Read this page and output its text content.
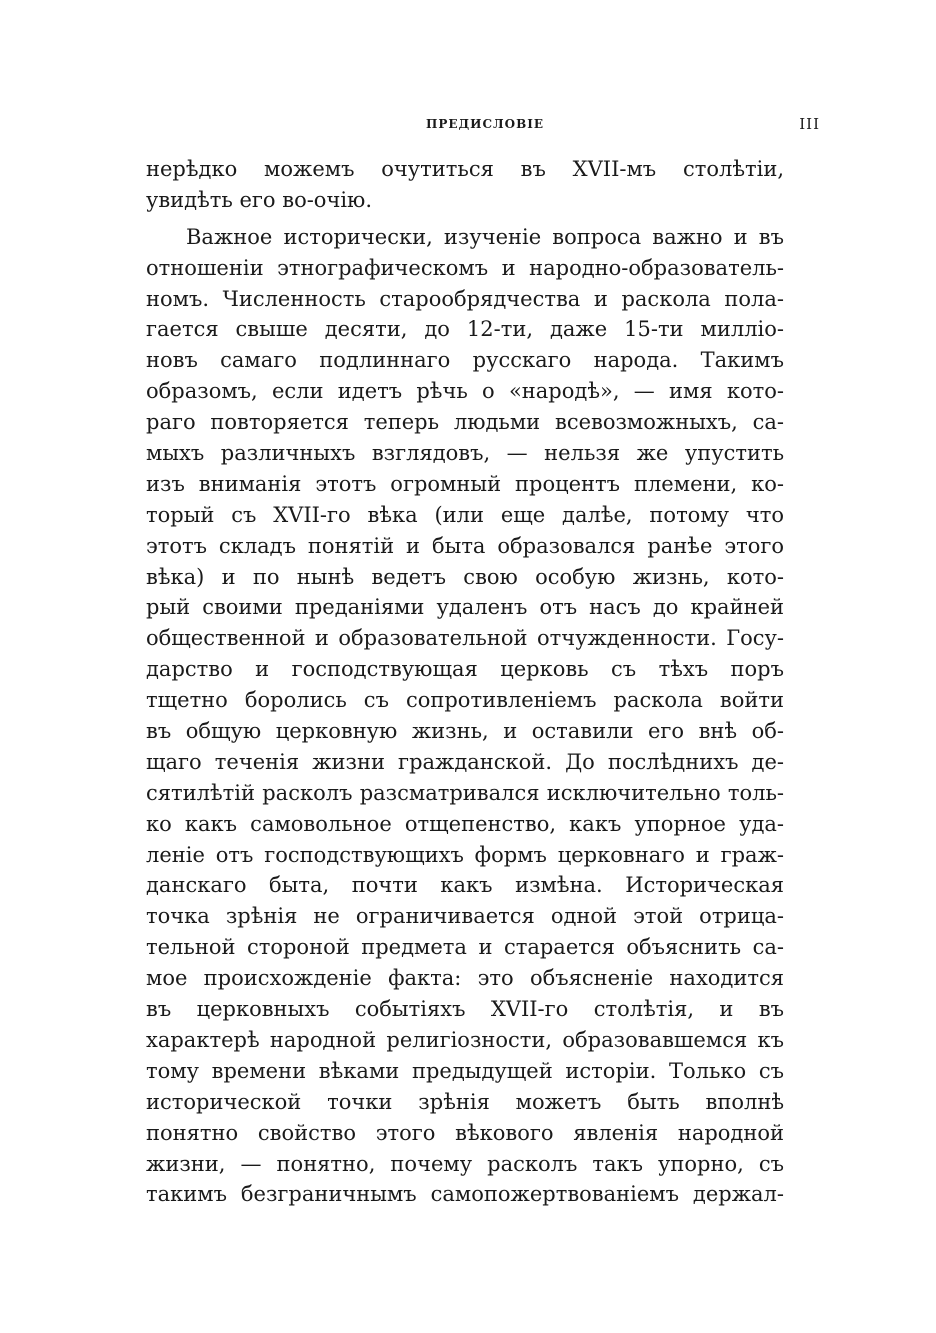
ПРЕДИСЛОВІЕ	III
нерѣдко можемъ очутиться въ XVII-мъ столѣтіи,
увидѣть его во-очію.
Важное исторически, изученіе вопроса важно и въ
отношеніи этнографическомъ и народно-образователь-
номъ. Численность старообрядчества и раскола пола-
гается свыше десяти, до 12-ти, даже 15-ти милліо-
новъ самаго подлиннаго русскаго народа. Такимъ
образомъ, если идетъ рѣчь о «народѣ», — имя кото-
раго повторяется теперь людьми всевозможныхъ, са-
мыхъ различныхъ взглядовъ, — нельзя же упустить
изъ вниманія этотъ огромный процентъ племени, ко-
торый съ XVII-го вѣка (или еще далѣе, потому что
этотъ складъ понятій и быта образовался ранѣе этого
вѣка) и по нынѣ ведетъ свою особую жизнь, кото-
рый своими преданіями удаленъ отъ насъ до крайней
общественной и образовательной отчужденности. Госу-
дарство и господствующая церковь съ тѣхъ поръ
тщетно боролись съ сопротивленіемъ раскола войти
въ общую церковную жизнь, и оставили его внѣ об-
щаго теченія жизни гражданской. До послѣднихъ де-
сятилѣтій расколъ разсматривался исключительно толь-
ко какъ самовольное отщепенство, какъ упорное уда-
леніе отъ господствующихъ формъ церковнаго и граж-
данскаго быта, почти какъ измѣна. Историческая
точка зрѣнія не ограничивается одной этой отрица-
тельной стороной предмета и старается объяснить са-
мое происхожденіе факта: это объясненіе находится
въ церковныхъ событіяхъ XVII-го столѣтія, и въ
характерѣ народной религіозности, образовавшемся къ
тому времени вѣками предыдущей исторіи. Только съ
исторической точки зрѣнія можетъ быть вполнѣ
понятно свойство этого вѣкового явленія народной
жизни, — понятно, почему расколъ такъ упорно, съ
такимъ безграничнымъ самопожертвованіемъ держал-
